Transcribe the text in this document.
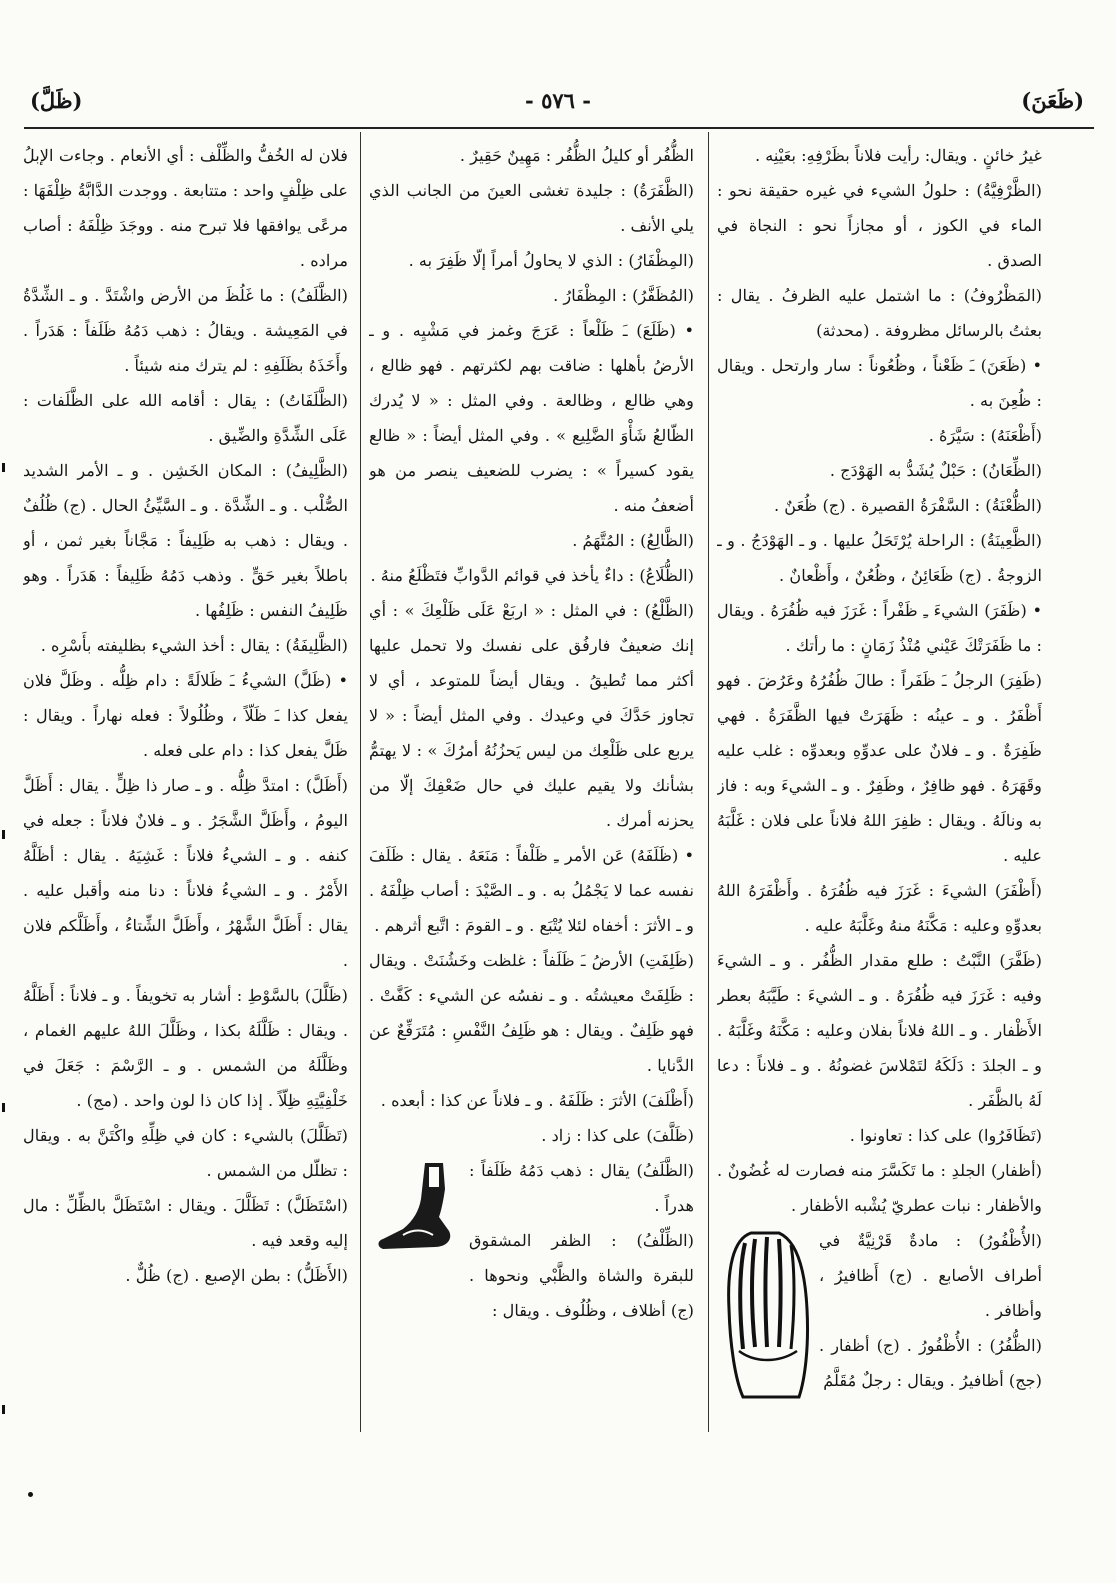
(ظَعَنَ)
- ٥٧٦ -
(ظَلَّ)

غيرُ خائنٍ . ويقال: رأيت فلاناً بظَرْفِهِ: بعَيْنِه .

(الظَّرْفِيَّةُ) : حلولُ الشيء في غيره حقيقة نحو : الماء في الكوز ، أو مجازاً نحو : النجاة في الصدق .

(المَظْرُوفُ) : ما اشتمل عليه الظرفُ . يقال : بعثتُ بالرسائل مظروفة . (محدثة)

• (ظَعَنَ) ـَ ظَعْناً ، وظُعُوناً : سار وارتحل . ويقال : ظُعِنَ به .

(أَظْعَنَهُ) : سَيَّرَهُ .

(الظِّعَانُ) : حَبْلٌ يُشَدُّ به الهَوْدَج .

(الظُّعْنَةُ) : السَّفْرَةُ القصيرة . (ج) ظُعَنٌ .

(الظَّعِينَةُ) : الراحلة يُرْتَحَلُ عليها . و ـ الهَوْدَجُ . و ـ الزوجةُ . (ج) ظَعَائِنُ ، وظُعُنٌ ، وأَظْعانٌ .

• (ظَفَرَ) الشيءَ ـِ ظَفْراً : غَرَزَ فيه ظُفُرَهُ . ويقال : ما ظَفَرَتْكَ عَيْني مُنْذُ زَمَانٍ : ما رأتك .

(ظَفِرَ) الرجلُ ـَ ظَفَراً : طالَ ظُفُرُهُ وعَرُضَ . فهو أَظْفَرُ . و ـ عينُه : ظَهَرَتْ فيها الظَّفَرَةُ . فهي ظَفِرَةٌ . و ـ فلانٌ على عدوِّهِ وبعدوِّه : غلب عليه وقَهَرَهُ . فهو ظافِرٌ ، وظَفِرٌ . و ـ الشيءَ وبه : فاز به ونالَهُ . ويقال : ظفِرَ اللهُ فلاناً على فلان : غَلَّبَهُ عليه .

(أَظْفَرَ) الشيءَ : غَرَزَ فيه ظُفُرَهُ . وأَظْفَرَهُ اللهُ بعدوِّهِ وعليه : مَكَّنَهُ منهُ وغَلَّبَهُ عليه .

(ظَفَّرَ) النَّبْتُ : طلع مقدار الظُّفُر . و ـ الشيءَ وفيه : غَرَزَ فيه ظُفُرَهُ . و ـ الشيءَ : طَيَّبَهُ بعطر الأَظْفار . و ـ اللهُ فلاناً بفلان وعليه : مَكَّنَهُ وغَلَّبَهُ . و ـ الجلدَ : دَلَكَهُ لتَمْلاسَ غضونُهُ . و ـ فلاناً : دعا لَهُ بالظَّفَر .

(تَظَافَرُوا) على كذا : تعاونوا .

(أظفار) الجلدِ : ما تَكَسَّرَ منه فصارت له غُضُونٌ . والأظفار : نبات عطريّ يُشْبه الأظفار .

(الأُظْفُورُ) : مادةٌ قَرْنِيَّةٌ في أطراف الأصابع . (ج) أَظافيرُ ، وأظافر .

(الظُّفُرُ) : الأُظْفُورُ . (ج) أظفار . (جج) أظافيرُ . ويقال : رجلٌ مُقَلَّمُ

الظُّفُر أو كليلُ الظُّفُر : مَهِينٌ حَقِيرٌ .

(الظَّفَرَةُ) : جليدة تغشى العينَ من الجانب الذي يلي الأنف .

(المِظْفَارُ) : الذي لا يحاولُ أمراً إلّا ظَفِرَ به .

(المُظَفَّرُ) : المِظْفَارُ .

• (ظَلَعَ) ـَ ظَلْعاً : عَرَجَ وغمز في مَشْيِه . و ـ الأرضُ بأهلها : ضاقت بهم لكثرتهم . فهو ظالع ، وهي ظالع ، وظالعة . وفي المثل : « لا يُدرك الظّالعُ شَأْوَ الضَّلِيع » . وفي المثل أيضاً : « ظالع يقود كسيراً » : يضرب للضعيف ينصر من هو أضعفُ منه .

(الظَّالِعُ) : المُتَّهَمُ .

(الظُّلَاعُ) : داءٌ يأخذ في قوائم الدَّوابِّ فتَظْلَعُ منهُ .

(الظَّلْعُ) : في المثل : « اربَعْ عَلَى ظَلْعِكَ » : أي إنك ضعيفٌ فارفُق على نفسك ولا تحمل عليها أكثر مما تُطيقُ . ويقال أيضاً للمتوعد ، أي لا تجاوز حَدَّكَ في وعيدك . وفي المثل أيضاً : « لا يربع على ظَلْعِك من ليس يَحزُنُهُ أمرُكَ » : لا يهتمُّ بشأنك ولا يقيم عليك في حال ضَعْفِكَ إلّا من يحزنه أمرك .

• (ظَلَفَهُ) عَن الأمر ـِ ظَلْفاً : مَنَعَهُ . يقال : ظَلَفَ نفسه عما لا يَجْمُلُ به . و ـ الصَّيْدَ : أصاب ظِلْفَهُ . و ـ الأثرَ : أخفاه لئلا يُتْبَع . و ـ القومَ : اتَّبع أثرهم .

(ظَلِفَتِ) الأرضُ ـَ ظَلَفاً : غلظت وخَشُنَتْ . ويقال : ظَلِفَتْ معيشتُه . و ـ نفسُه عن الشيء : كَفَّتْ . فهو ظَلِفٌ . ويقال : هو ظَلِفُ النَّفْسِ : مُتَرَفِّعٌ عن الدَّنايا .

(أَظْلَفَ) الأثرَ : ظَلَفَهُ . و ـ فلاناً عن كذا : أبعده .

(ظَلَّفَ) على كذا : زاد .

(الظَّلَفُ) يقال : ذهب دَمُهُ ظَلَفاً : هدراً .

(الظِّلْفُ) : الظفر المشقوق للبقرة والشاة والظَّبْي ونحوها . (ج) أظلاف ، وظُلُوف . ويقال :

فلان له الخُفُّ والظِّلْف : أي الأنعام . وجاءت الإبلُ على ظِلْفٍ واحد : متتابعة . ووجدت الدَّابَّةُ ظِلْفَهَا : مرعًى يوافقها فلا تبرح منه . ووجَدَ ظِلْفَهُ : أصاب مراده .

(الظَّلَفُ) : ما غَلُظَ من الأرض واشْتَدَّ . و ـ الشِّدَّةُ في المَعِيشة . ويقالُ : ذهب دَمُهُ ظَلَفاً : هَدَراً . وأَخَذَهُ بظَلَفِهِ : لم يترك منه شيئاً .

(الظَّلَفَاتُ) : يقال : أقامه الله على الظَّلَفات : عَلَى الشِّدَّةِ والضِّيق .

(الظَّلِيفُ) : المكان الخَشِن . و ـ الأمر الشديد الصُّلْب . و ـ الشِّدَّة . و ـ السَّيِّئُ الحال . (ج) ظُلُفٌ . ويقال : ذهب به ظَلِيفاً : مَجَّاناً بغير ثمن ، أو باطلاً بغير حَقٍّ . وذهب دَمُهُ ظَلِيفاً : هَدَراً . وهو ظَلِيفُ النفس : ظَلِفُها .

(الظَّلِيفَةُ) : يقال : أخذ الشيء بظليفته بأَسْرِه .

• (ظَلَّ) الشيءُ ـَ ظَلالَةً : دام ظِلُّه . وظَلَّ فلان يفعل كذا ـَ ظَلّاً ، وظُلُولاً : فعله نهاراً . ويقال : ظَلَّ يفعل كذا : دام على فعله .

(أَظَلَّ) : امتدَّ ظِلُّه . و ـ صار ذا ظِلٍّ . يقال : أَظَلَّ اليومُ ، وأَظَلَّ الشَّجَرُ . و ـ فلانٌ فلاناً : جعله في كنفه . و ـ الشيءُ فلاناً : غَشِيَهُ . يقال : أظَلَّهُ الأَمْرُ . و ـ الشيءُ فلاناً : دنا منه وأقبل عليه . يقال : أَظَلَّ الشَّهْرُ ، وأَظَلَّ الشِّتاءُ ، وأَظَلَّكم فلان .

(ظَلَّلَ) بالسَّوْطِ : أشار به تخويفاً . و ـ فلاناً : أَظَلَّهُ . ويقال : ظَلَّلَهُ بكذا ، وظَلَّلَ اللهُ عليهم الغمام ، وظَلَّلَهُ من الشمس . و ـ الرَّسْمَ : جَعَلَ في خَلْفِيَّتِهِ ظِلّاً . إذا كان ذا لون واحد . (مج) .

(تَظَلَّلَ) بالشيء : كان في ظِلِّهِ واكْتَنَّ به . ويقال : تظلّل من الشمس .

(اسْتَظَلَّ) : تَظَلَّلَ . ويقال : اسْتَظَلَّ بالظِّلِّ : مال إليه وقعد فيه .

(الأَظَلُّ) : بطن الإصبع . (ج) ظُلٌّ .
